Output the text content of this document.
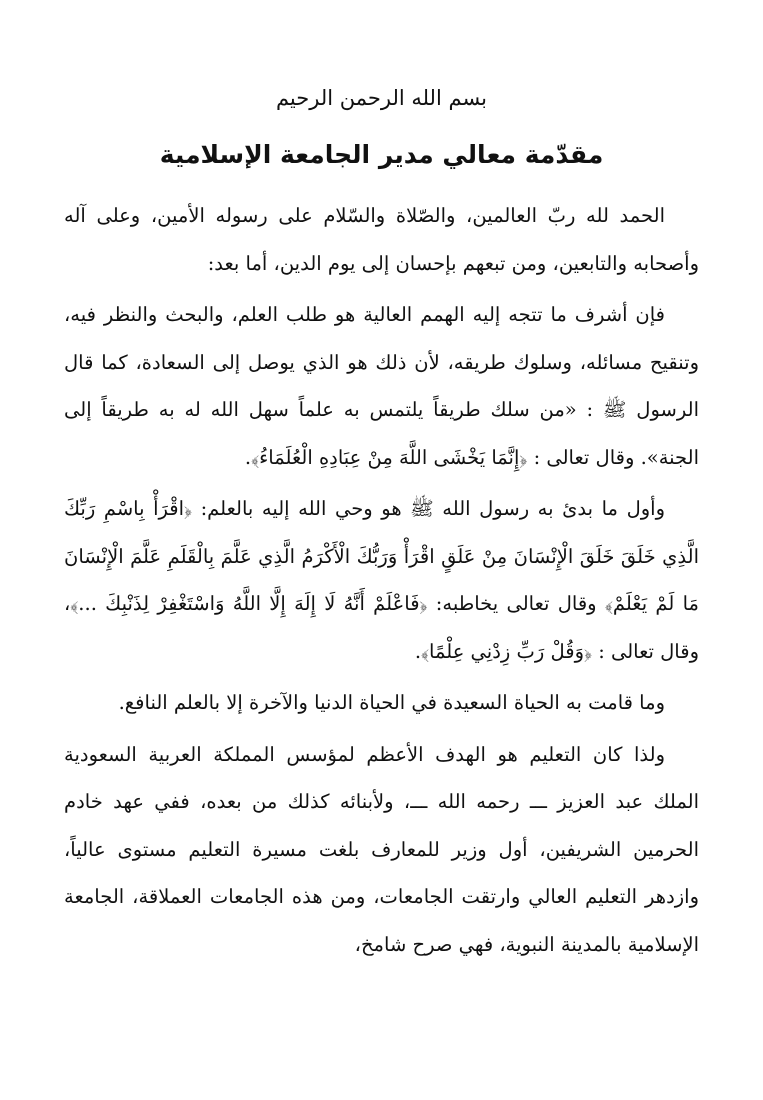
بسم الله الرحمن الرحيم
مقدّمة معالي مدير الجامعة الإسلامية

الحمد لله ربّ العالمين، والصّلاة والسّلام على رسوله الأمين، وعلى آله وأصحابه والتابعين، ومن تبعهم بإحسان إلى يوم الدين، أما بعد:

فإن أشرف ما تتجه إليه الهمم العالية هو طلب العلم، والبحث والنظر فيه، وتنقيح مسائله، وسلوك طريقه، لأن ذلك هو الذي يوصل إلى السعادة، كما قال الرسول ﷺ : «من سلك طريقاً يلتمس به علماً سهل الله له به طريقاً إلى الجنة». وقال تعالى : ﴿إِنَّمَا يَخْشَى اللَّهَ مِنْ عِبَادِهِ الْعُلَمَاءُ﴾.

وأول ما بدئ به رسول الله ﷺ هو وحي الله إليه بالعلم: ﴿اقْرَأْ بِاسْمِ رَبِّكَ الَّذِي خَلَقَ خَلَقَ الْإِنْسَانَ مِنْ عَلَقٍ اقْرَأْ وَرَبُّكَ الْأَكْرَمُ الَّذِي عَلَّمَ بِالْقَلَمِ عَلَّمَ الْإِنْسَانَ مَا لَمْ يَعْلَمْ﴾ وقال تعالى يخاطبه: ﴿فَاعْلَمْ أَنَّهُ لَا إِلَهَ إِلَّا اللَّهُ وَاسْتَغْفِرْ لِذَنْبِكَ ...﴾، وقال تعالى : ﴿وَقُلْ رَبِّ زِدْنِي عِلْمًا﴾.

وما قامت به الحياة السعيدة في الحياة الدنيا والآخرة إلا بالعلم النافع.

ولذا كان التعليم هو الهدف الأعظم لمؤسس المملكة العربية السعودية الملك عبد العزيز ـــ رحمه الله ـــ، ولأبنائه كذلك من بعده، ففي عهد خادم الحرمين الشريفين، أول وزير للمعارف بلغت مسيرة التعليم مستوى عالياً، وازدهر التعليم العالي وارتقت الجامعات، ومن هذه الجامعات العملاقة، الجامعة الإسلامية بالمدينة النبوية، فهي صرح شامخ،
